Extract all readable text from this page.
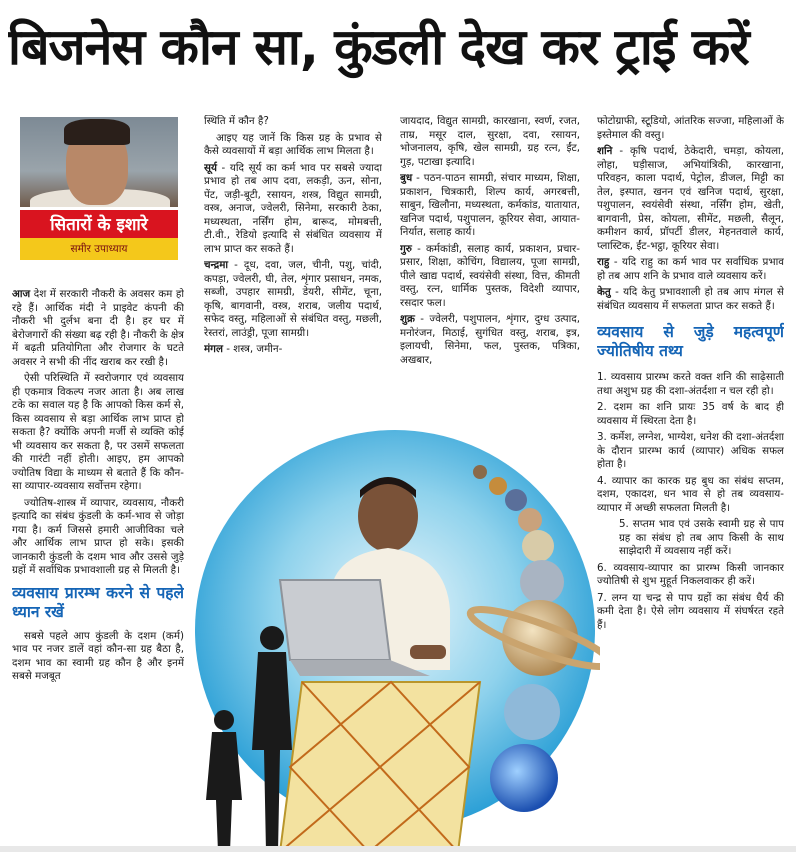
बिजनेस कौन सा, कुंडली देख कर ट्राई करें
सितारों के इशारे
समीर उपाध्याय

आज देश में सरकारी नौकरी के अवसर कम हो रहे हैं। आर्थिक मंदी ने प्राइवेट कंपनी की नौकरी भी दुर्लभ बना दी है। हर घर में बेरोजगारों की संख्या बढ़ रही है। नौकरी के क्षेत्र में बढ़ती प्रतियोगिता और रोजगार के घटते अवसर ने सभी की नींद खराब कर रखी है।

ऐसी परिस्थिति में स्वरोजगार एवं व्यवसाय ही एकमात्र विकल्प नजर आता है। अब लाख टके का सवाल यह है कि आपको किस कर्म से, किस व्यवसाय से बड़ा आर्थिक लाभ प्राप्त हो सकता है? क्योंकि अपनी मर्जी से व्यक्ति कोई भी व्यवसाय कर सकता है, पर उसमें सफलता की गारंटी नहीं होती। आइए, हम आपको ज्योतिष विद्या के माध्यम से बताते हैं कि कौन-सा व्यापार-व्यवसाय सर्वोत्तम रहेगा।

ज्योतिष-शास्त्र में व्यापार, व्यवसाय, नौकरी इत्यादि का संबंध कुंडली के कर्म-भाव से जोड़ा गया है। कर्म जिससे हमारी आजीविका चले और आर्थिक लाभ प्राप्त हो सके। इसकी जानकारी कुंडली के दशम भाव और उससे जुड़े ग्रहों में सर्वाधिक प्रभावशाली ग्रह से मिलती है।

व्यवसाय प्रारम्भ करने से पहले ध्यान रखें

सबसे पहले आप कुंडली के दशम (कर्म) भाव पर नजर डालें वहां कौन-सा ग्रह बैठा है, दशम भाव का स्वामी ग्रह कौन है और इनमें सबसे मजबूत

स्थिति में कौन है?

आइए यह जानें कि किस ग्रह के प्रभाव से कैसे व्यवसायों में बड़ा आर्थिक लाभ मिलता है।

सूर्य - यदि सूर्य का कर्म भाव पर सबसे ज्यादा प्रभाव हो तब आप दवा, लकड़ी, ऊन, सोना, पेंट, जड़ी-बूटी, रसायन, शस्त्र, विद्युत सामग्री, वस्त्र, अनाज, ज्वेलरी, सिनेमा, सरकारी ठेका, मध्यस्थता, नर्सिंग होम, बारूद, मोमबत्ती, टी.वी., रेडियो इत्यादि से संबंधित व्यवसाय में लाभ प्राप्त कर सकते हैं।

चन्द्रमा - दूध, दवा, जल, चीनी, पशु, चांदी, कपड़ा, ज्वेलरी, घी, तेल, शृंगार प्रसाधन, नमक, सब्जी, उपहार सामग्री, डेयरी, सीमेंट, चूना, कृषि, बागवानी, वस्त्र, शराब, जलीय पदार्थ, सफेद वस्तु, महिलाओं से संबंधित वस्तु, मछली, रेस्तरां, लाउंड्री, पूजा सामग्री।

मंगल - शस्त्र, जमीन-

जायदाद, विद्युत सामग्री, कारखाना, स्वर्ण, रजत, ताम्र, मसूर दाल, सुरक्षा, दवा, रसायन, भोजनालय, कृषि, खेल सामग्री, ग्रह रत्न, ईंट, गुड़, पटाखा इत्यादि।

बुध - पठन-पाठन सामग्री, संचार माध्यम, शिक्षा, प्रकाशन, चित्रकारी, शिल्प कार्य, अगरबत्ती, साबुन, खिलौना, मध्यस्थता, कर्मकांड, यातायात, खनिज पदार्थ, पशुपालन, कूरियर सेवा, आयात-निर्यात, सलाह कार्य।

गुरु - कर्मकांडी, सलाह कार्य, प्रकाशन, प्रचार-प्रसार, शिक्षा, कोचिंग, विद्यालय, पूजा सामग्री, पीले खाद्य पदार्थ, स्वयंसेवी संस्था, वित्त, कीमती वस्तु, रत्न, धार्मिक पुस्तक, विदेशी व्यापार, रसदार फल।

शुक्र - ज्वेलरी, पशुपालन, शृंगार, दुग्ध उत्पाद, मनोरंजन, मिठाई, सुगंधित वस्तु, शराब, इत्र, इलायची, सिनेमा, फल, पुस्तक, पत्रिका, अखबार,

फोटोग्राफी, स्टूडियो, आंतरिक सज्जा, महिलाओं के इस्तेमाल की वस्तु।

शनि - कृषि पदार्थ, ठेकेदारी, चमड़ा, कोयला, लोहा, घड़ीसाज, अभियांत्रिकी, कारखाना, परिवहन, काला पदार्थ, पेट्रोल, डीजल, मिट्टी का तेल, इस्पात, खनन एवं खनिज पदार्थ, सुरक्षा, पशुपालन, स्वयंसेवी संस्था, नर्सिंग होम, खेती, बागवानी, प्रेस, कोयला, सीमेंट, मछली, सैलून, कमीशन कार्य, प्रॉपर्टी डीलर, मेहनतवाले कार्य, प्लास्टिक, ईंट-भट्ठा, कूरियर सेवा।

राहु - यदि राहु का कर्म भाव पर सर्वाधिक प्रभाव हो तब आप शनि के प्रभाव वाले व्यवसाय करें।

केतु - यदि केतु प्रभावशाली हो तब आप मंगल से संबंधित व्यवसाय में सफलता प्राप्त कर सकते हैं।

व्यवसाय से जुड़े महत्वपूर्ण ज्योतिषीय तथ्य

1. व्यवसाय प्रारम्भ करते वक्त शनि की साढ़ेसाती तथा अशुभ ग्रह की दशा-अंतर्दशा न चल रही हो।

2. दशम का शनि प्रायः 35 वर्ष के बाद ही व्यवसाय में स्थिरता देता है।

3. कर्मेश, लग्नेश, भाग्येश, धनेश की दशा-अंतर्दशा के दौरान प्रारम्भ कार्य (व्यापार) अधिक सफल होता है।

4. व्यापार का कारक ग्रह बुध का संबंध सप्तम, दशम, एकादश, धन भाव से हो तब व्यवसाय-व्यापार में अच्छी सफलता मिलती है।

5. सप्तम भाव एवं उसके स्वामी ग्रह से पाप ग्रह का संबंध हो तब आप किसी के साथ साझेदारी में व्यवसाय नहीं करें।

6. व्यवसाय-व्यापार का प्रारम्भ किसी जानकार ज्योतिषी से शुभ मुहूर्त निकलवाकर ही करें।

7. लग्न या चन्द्र से पाप ग्रहों का संबंध धैर्य की कमी देता है। ऐसे लोग व्यवसाय में संघर्षरत रहते हैं।
